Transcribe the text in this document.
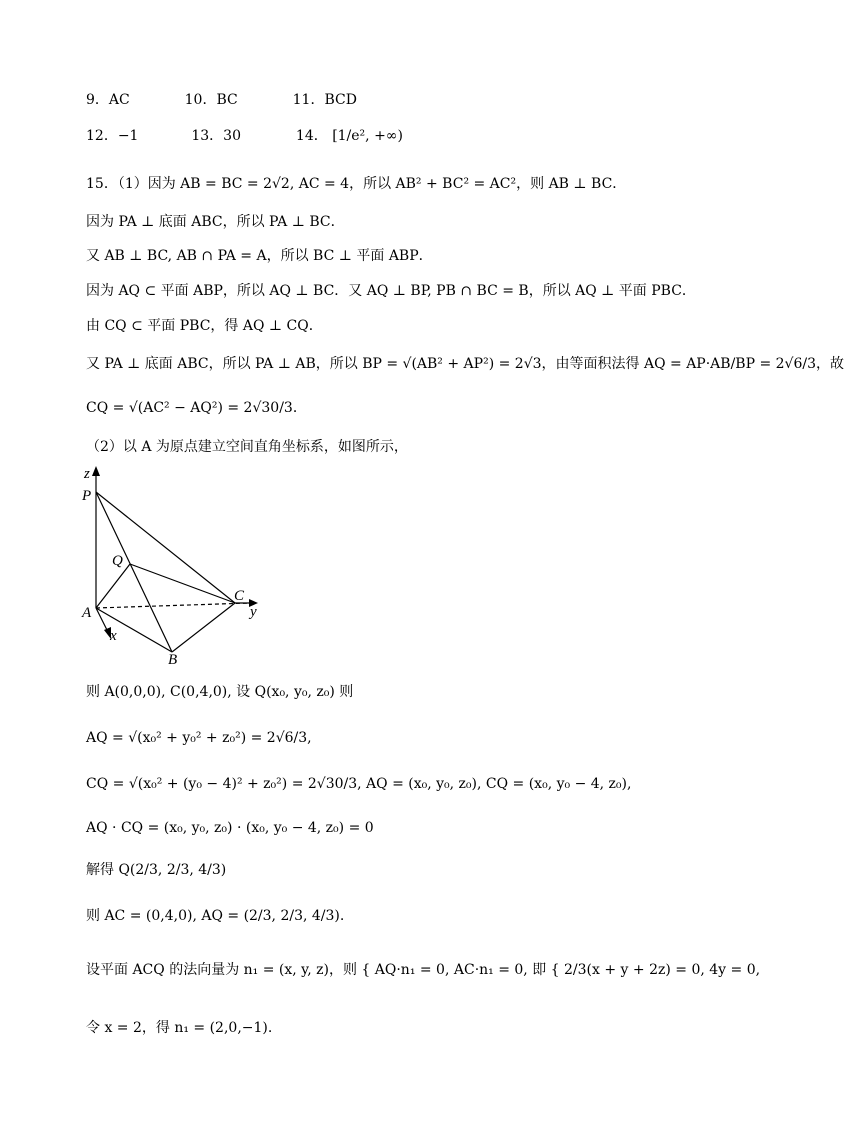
9．AC	10．BC	11．BCD
12．−1	13．30	14． [1/e², +∞)
15．（1）因为 AB = BC = 2√2, AC = 4，所以 AB² + BC² = AC²，则 AB ⊥ BC．
因为 PA ⊥ 底面 ABC，所以 PA ⊥ BC．
又 AB ⊥ BC, AB ∩ PA = A，所以 BC ⊥ 平面 ABP．
因为 AQ ⊂ 平面 ABP，所以 AQ ⊥ BC．又 AQ ⊥ BP, PB ∩ BC = B，所以 AQ ⊥ 平面 PBC．
由 CQ ⊂ 平面 PBC，得 AQ ⊥ CQ．
又 PA ⊥ 底面 ABC，所以 PA ⊥ AB，所以 BP = √(AB² + AP²) = 2√3，由等面积法得 AQ = AP·AB/BP = 2√6/3，故
CQ = √(AC² − AQ²) = 2√30/3．
（2）以 A 为原点建立空间直角坐标系，如图所示，
z
P
Q
C
y
A
x
B
则 A(0,0,0), C(0,4,0), 设 Q(x₀, y₀, z₀) 则
AQ = √(x₀² + y₀² + z₀²) = 2√6/3,
CQ = √(x₀² + (y₀ − 4)² + z₀²) = 2√30/3, AQ = (x₀, y₀, z₀), CQ = (x₀, y₀ − 4, z₀),
AQ · CQ = (x₀, y₀, z₀) · (x₀, y₀ − 4, z₀) = 0
解得 Q(2/3, 2/3, 4/3)
则 AC = (0,4,0), AQ = (2/3, 2/3, 4/3).
设平面 ACQ 的法向量为 n₁ = (x, y, z)，则 { AQ·n₁ = 0, AC·n₁ = 0, 即 { 2/3(x + y + 2z) = 0, 4y = 0,
令 x = 2，得 n₁ = (2,0,−1).
